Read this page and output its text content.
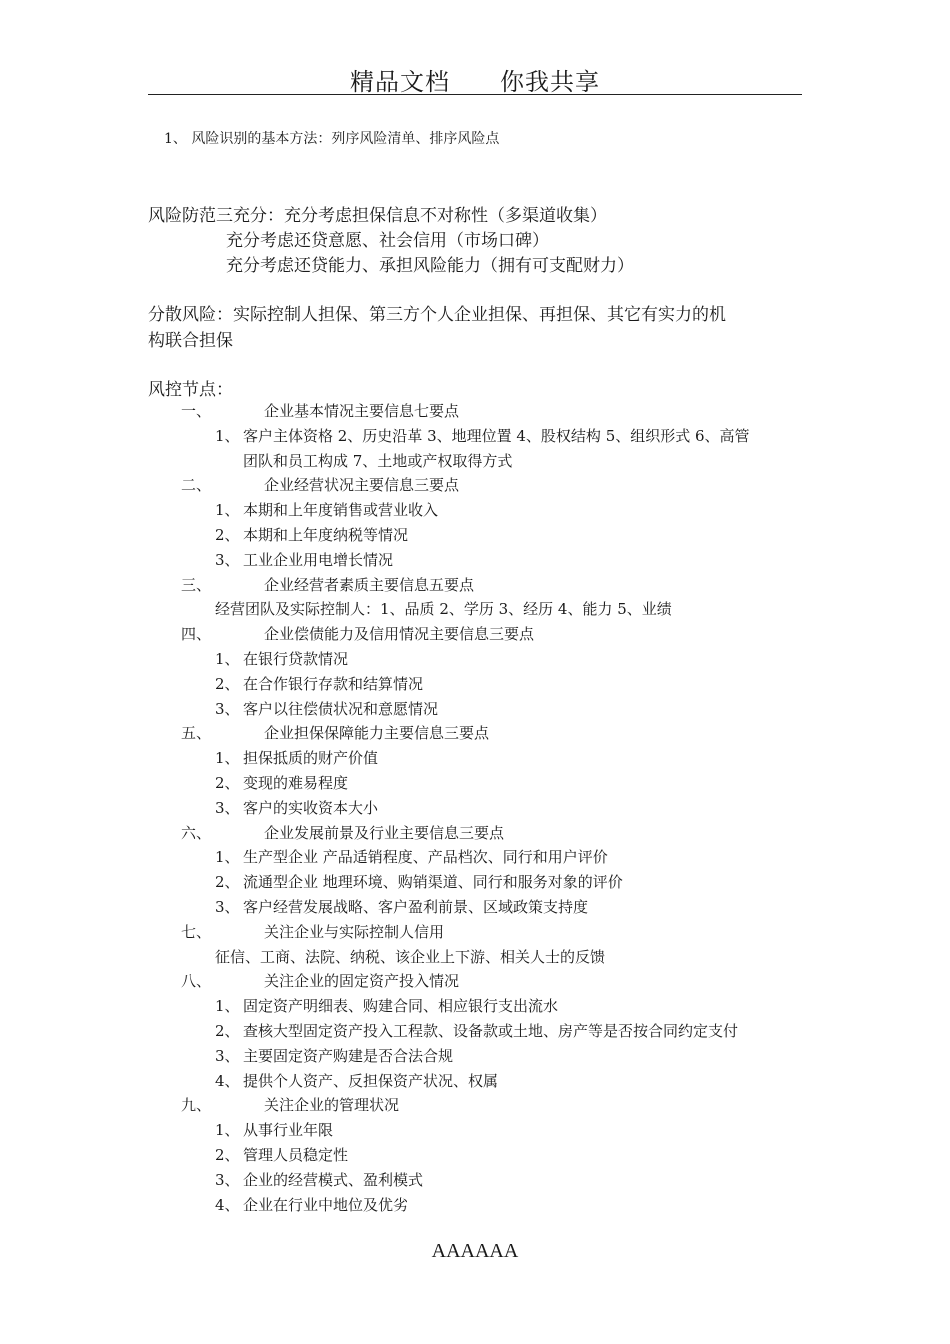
精品文档　　你我共享
1、 风险识别的基本方法：列序风险清单、排序风险点
风险防范三充分：充分考虑担保信息不对称性（多渠道收集）
充分考虑还贷意愿、社会信用（市场口碑）
充分考虑还贷能力、承担风险能力（拥有可支配财力）
分散风险：实际控制人担保、第三方个人企业担保、再担保、其它有实力的机
构联合担保
风控节点：
一、	企业基本情况主要信息七要点
1、 客户主体资格 2、历史沿革 3、地理位置 4、股权结构 5、组织形式 6、高管
团队和员工构成 7、土地或产权取得方式
二、	企业经营状况主要信息三要点
1、 本期和上年度销售或营业收入
2、 本期和上年度纳税等情况
3、 工业企业用电增长情况
三、	企业经营者素质主要信息五要点
经营团队及实际控制人：1、品质 2、学历 3、经历 4、能力 5、业绩
四、	企业偿债能力及信用情况主要信息三要点
1、 在银行贷款情况
2、 在合作银行存款和结算情况
3、 客户以往偿债状况和意愿情况
五、	企业担保保障能力主要信息三要点
1、 担保抵质的财产价值
2、 变现的难易程度
3、 客户的实收资本大小
六、	企业发展前景及行业主要信息三要点
1、 生产型企业 产品适销程度、产品档次、同行和用户评价
2、 流通型企业 地理环境、购销渠道、同行和服务对象的评价
3、 客户经营发展战略、客户盈利前景、区域政策支持度
七、	关注企业与实际控制人信用
征信、工商、法院、纳税、该企业上下游、相关人士的反馈
八、	关注企业的固定资产投入情况
1、 固定资产明细表、购建合同、相应银行支出流水
2、 查核大型固定资产投入工程款、设备款或土地、房产等是否按合同约定支付
3、 主要固定资产购建是否合法合规
4、 提供个人资产、反担保资产状况、权属
九、	关注企业的管理状况
1、 从事行业年限
2、 管理人员稳定性
3、 企业的经营模式、盈利模式
4、 企业在行业中地位及优劣
AAAAAA
